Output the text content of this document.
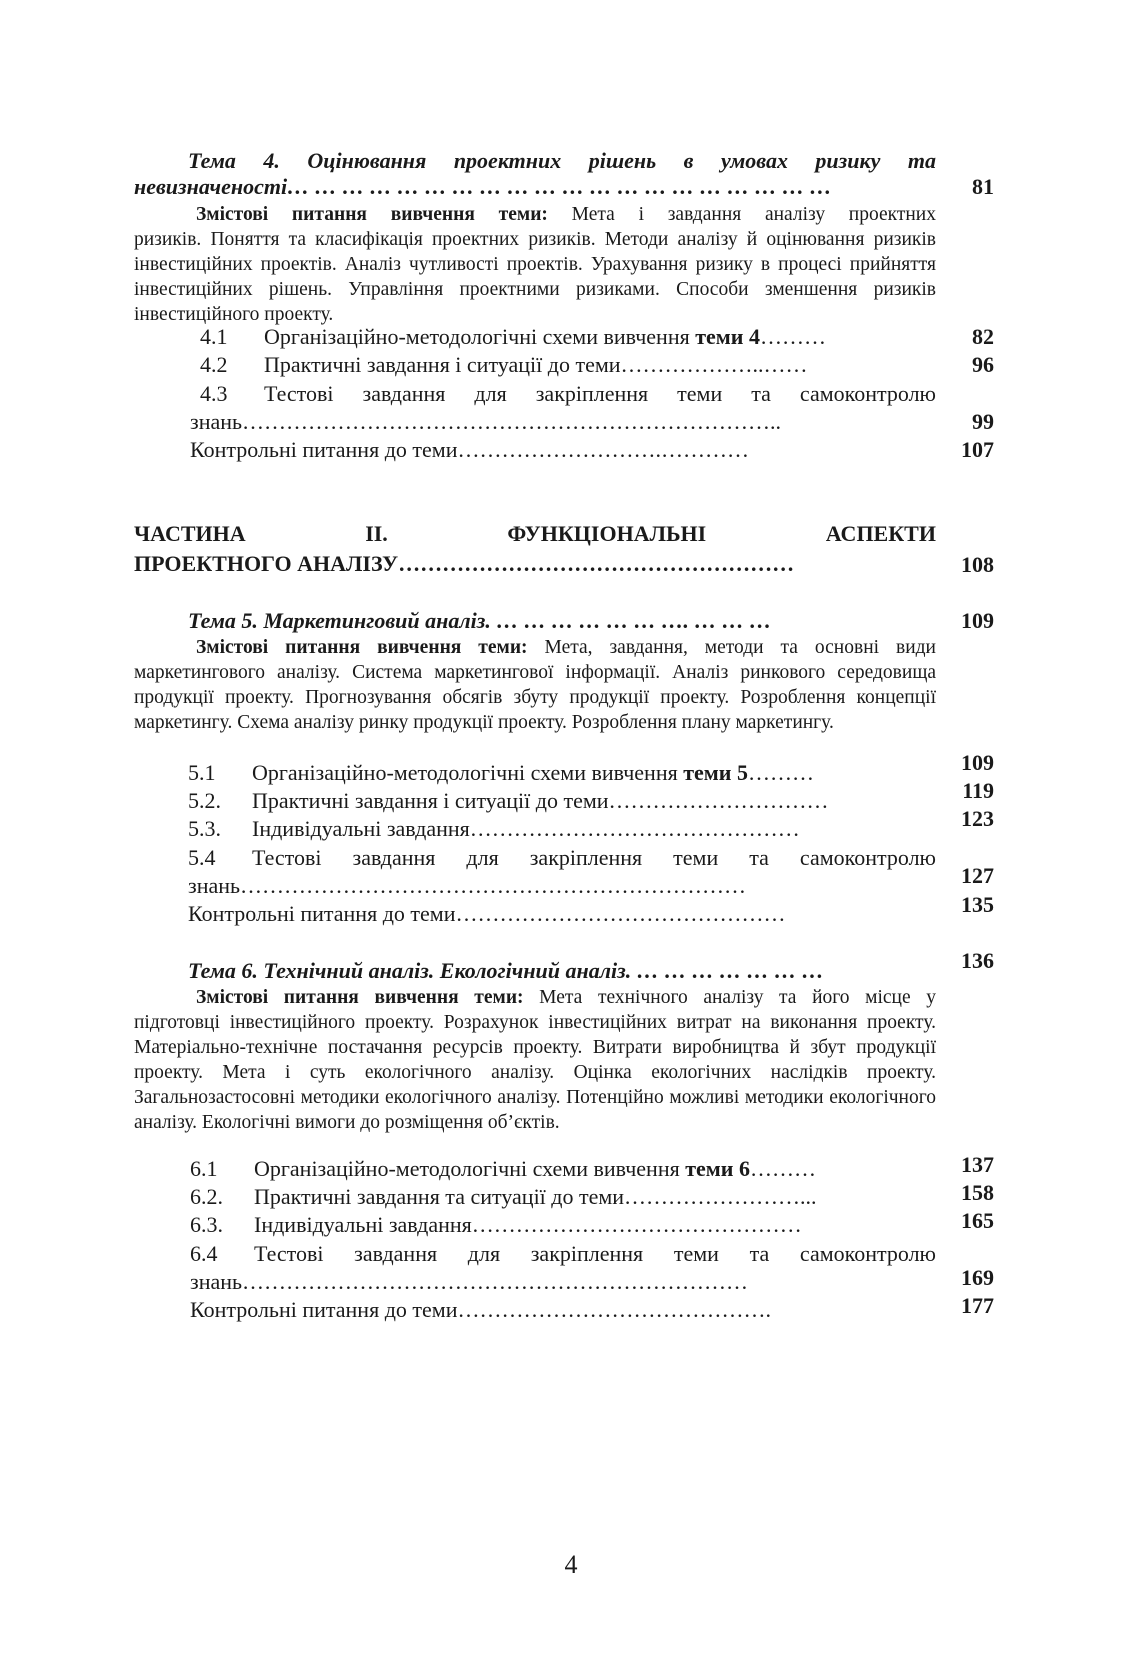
Тема 4. Оцінювання проектних рішень в умовах ризику та
невизначеності… … … … … … … … … … … … … … … … … … … …	81
Змістові питання вивчення теми: Мета і завдання аналізу проектних
ризиків. Поняття та класифікація проектних ризиків. Методи аналізу й оцінювання ризиків інвестиційних проектів. Аналіз чутливості проектів. Урахування ризику в процесі прийняття інвестиційних рішень. Управління проектними ризиками. Способи зменшення ризиків інвестиційного проекту.
4.1 Організаційно-методологічні схеми вивчення теми 4………	82
4.2 Практичні завдання і ситуації до теми………………..……	96
4.3 Тестові завдання для закріплення теми та самоконтролю
знань………………………………………………………………..	99
Контрольні питання до теми……………………….…………	107
ЧАСТИНА	ІІ.	ФУНКЦІОНАЛЬНІ	АСПЕКТИ
ПРОЕКТНОГО АНАЛІЗУ………………………………………………	108
Тема 5. Маркетинговий аналіз. … … … … … … …. … … …	109
Змістові питання вивчення теми: Мета, завдання, методи та основні види
маркетингового аналізу. Система маркетингової інформації. Аналіз ринкового середовища продукції проекту. Прогнозування обсягів збуту продукції проекту. Розроблення концепції маркетингу. Схема аналізу ринку продукції проекту. Розроблення плану маркетингу.
5.1 Організаційно-методологічні схеми вивчення теми 5………	109
5.2. Практичні завдання і ситуації до теми…………………………	119
5.3. Індивідуальні завдання………………………………………	123
5.4 Тестові завдання для закріплення теми та самоконтролю
знань……………………………………………………………	127
Контрольні питання до теми………………………………………	135
Тема 6. Технічний аналіз. Екологічний аналіз. … … … … … … …	136
Змістові питання вивчення теми: Мета технічного аналізу та його місце у
підготовці інвестиційного проекту. Розрахунок інвестиційних витрат на виконання проекту. Матеріально-технічне постачання ресурсів проекту. Витрати виробництва й збут продукції проекту. Мета і суть екологічного аналізу. Оцінка екологічних наслідків проекту. Загальнозастосовні методики екологічного аналізу. Потенційно можливі методики екологічного аналізу. Екологічні вимоги до розміщення об’єктів.
6.1 Організаційно-методологічні схеми вивчення теми 6………	137
6.2. Практичні завдання та ситуації до теми……………………...	158
6.3. Індивідуальні завдання………………………………………	165
6.4 Тестові завдання для закріплення теми та самоконтролю
знань……………………………………………………………	169
Контрольні питання до теми…………………………………….	177
4
